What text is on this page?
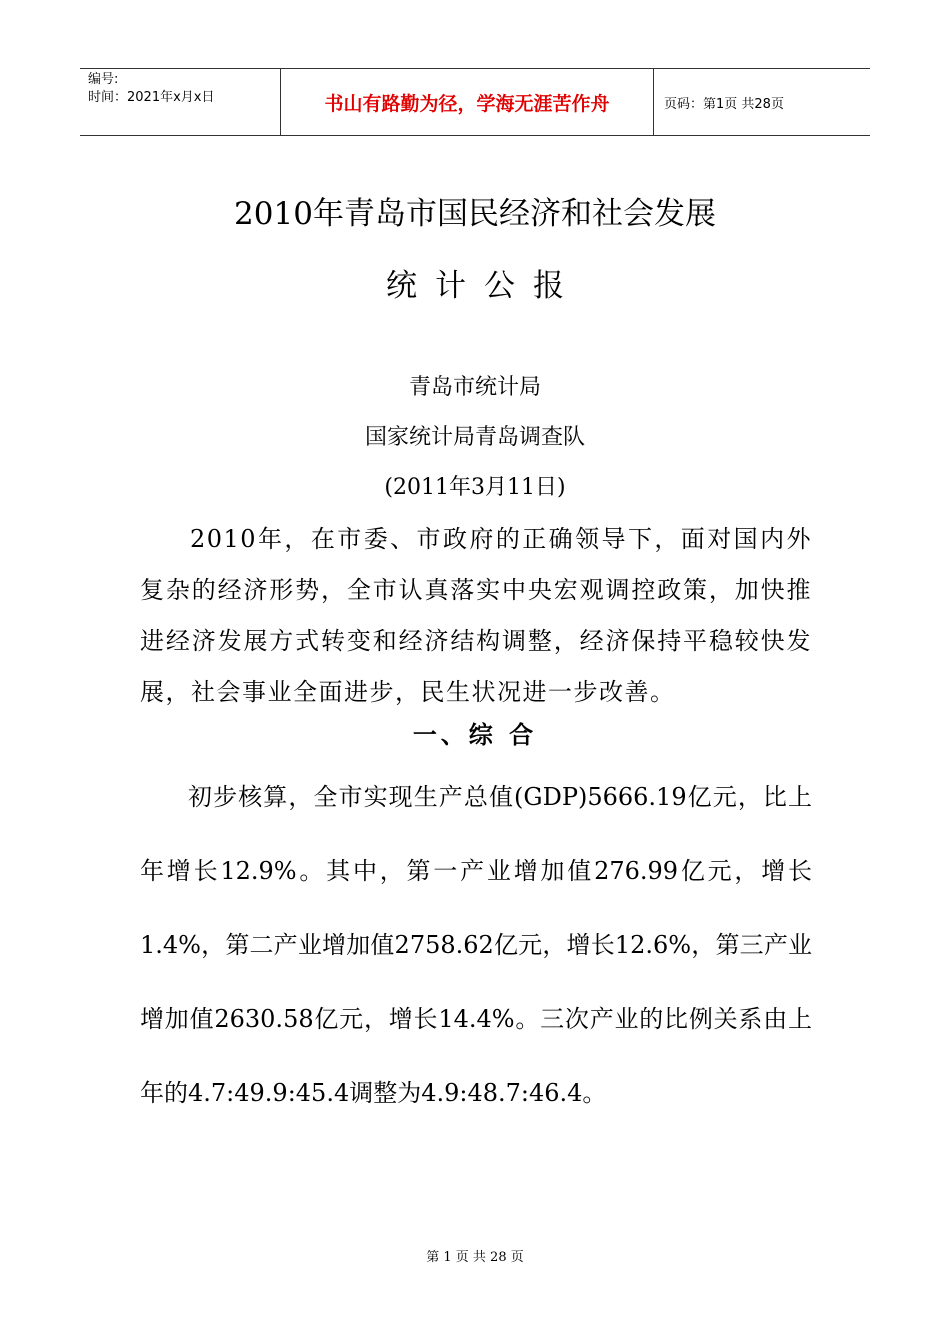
编号:
时间：2021年x月x日	书山有路勤为径，学海无涯苦作舟	页码：第1页 共28页
2010年青岛市国民经济和社会发展
统计公报
青岛市统计局
国家统计局青岛调查队
(2011年3月11日)
2010年，在市委、市政府的正确领导下，面对国内外复杂的经济形势，全市认真落实中央宏观调控政策，加快推进经济发展方式转变和经济结构调整，经济保持平稳较快发展，社会事业全面进步，民生状况进一步改善。
一、综 合
初步核算，全市实现生产总值(GDP)5666.19亿元，比上年增长12.9%。其中，第一产业增加值276.99亿元，增长1.4%，第二产业增加值2758.62亿元，增长12.6%，第三产业增加值2630.58亿元，增长14.4%。三次产业的比例关系由上年的4.7:49.9:45.4调整为4.9:48.7:46.4。
第 1 页 共 28 页
